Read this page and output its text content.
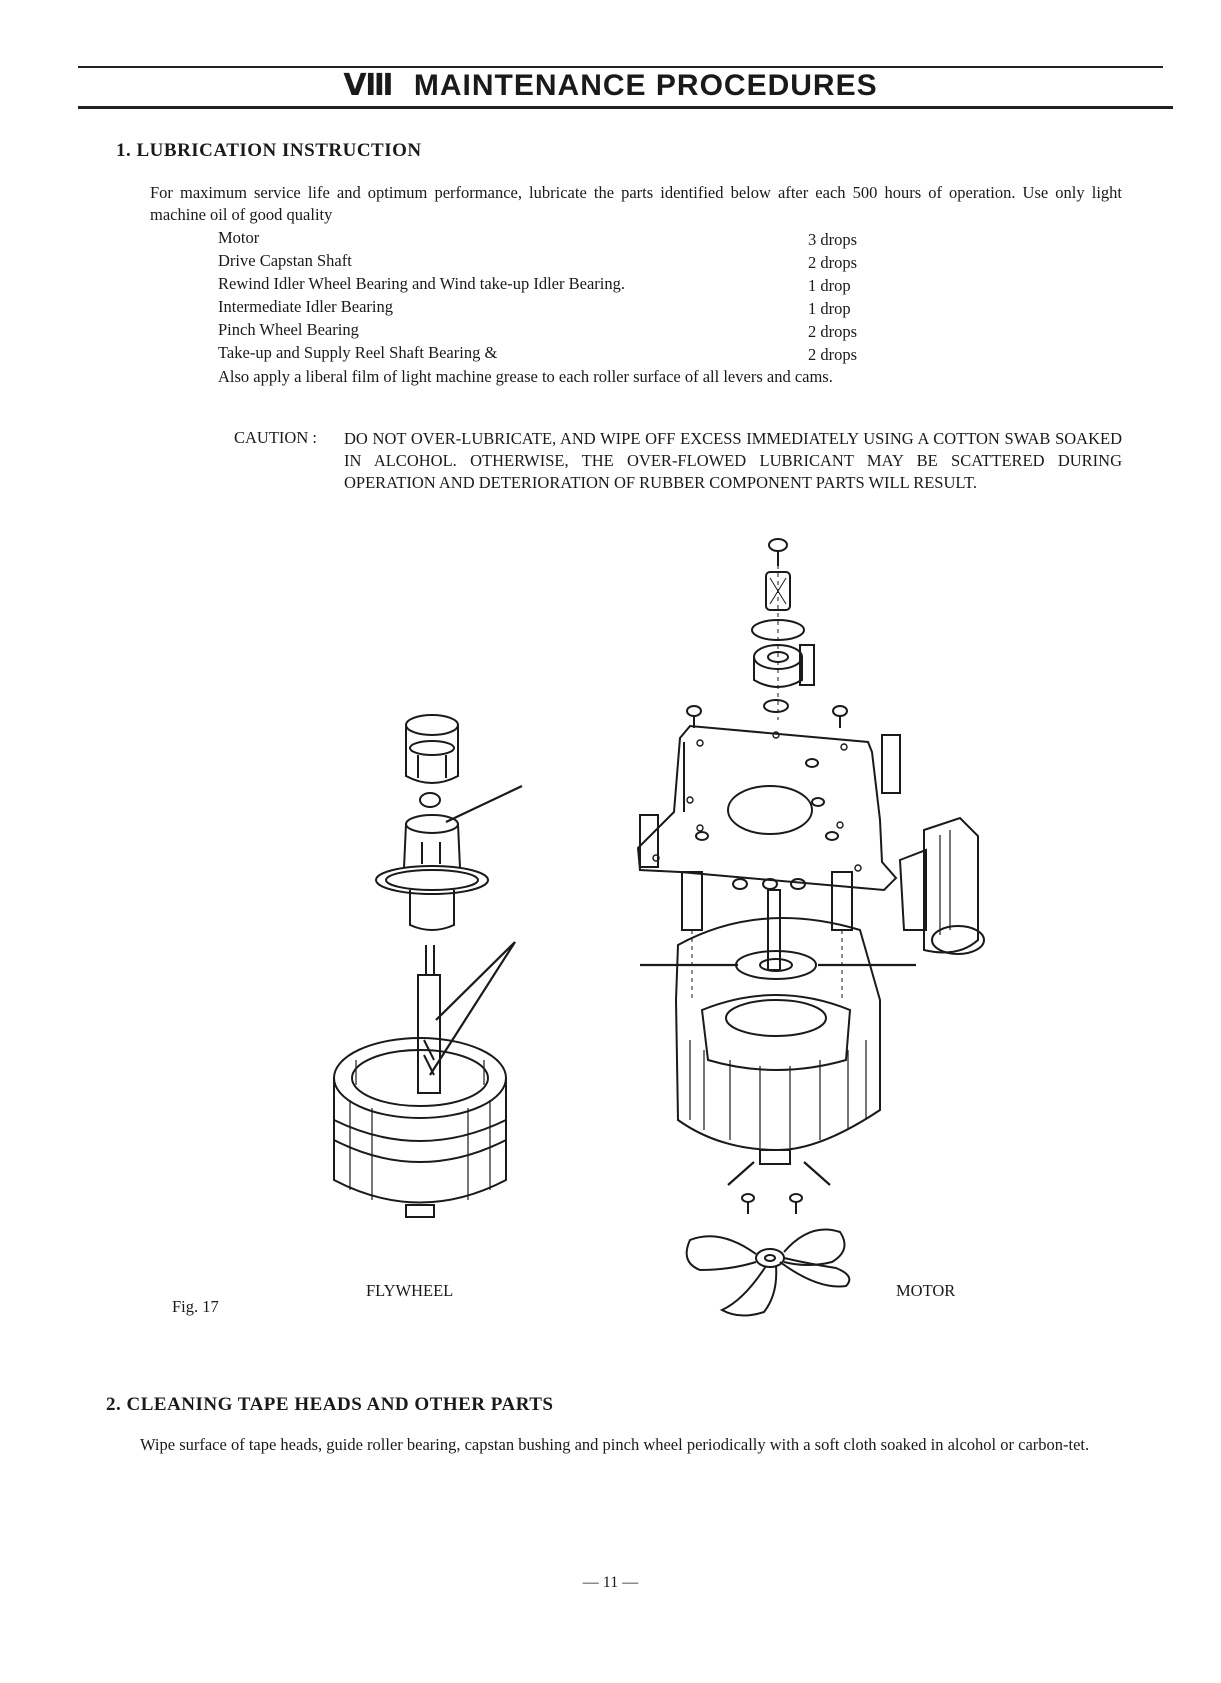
Ⅷ MAINTENANCE PROCEDURES
1. LUBRICATION INSTRUCTION
For maximum service life and optimum performance, lubricate the parts identified below after each 500 hours of operation. Use only light machine oil of good quality
Motor	3 drops
Drive Capstan Shaft	2 drops
Rewind Idler Wheel Bearing and Wind take-up Idler Bearing.	1 drop
Intermediate Idler Bearing	1 drop
Pinch Wheel Bearing	2 drops
Take-up and Supply Reel Shaft Bearing &	2 drops
Also apply a liberal film of light machine grease to each roller surface of all levers and cams.
CAUTION : DO NOT OVER-LUBRICATE, AND WIPE OFF EXCESS IMMEDIATELY USING A COTTON SWAB SOAKED IN ALCOHOL. OTHERWISE, THE OVER-FLOWED LUBRICANT MAY BE SCATTERED DURING OPERATION AND DETERIORATION OF RUBBER COMPONENT PARTS WILL RESULT.
Fig. 17
FLYWHEEL	MOTOR
2. CLEANING TAPE HEADS AND OTHER PARTS
Wipe surface of tape heads, guide roller bearing, capstan bushing and pinch wheel periodically with a soft cloth soaked in alcohol or carbon-tet.
— 11 —
